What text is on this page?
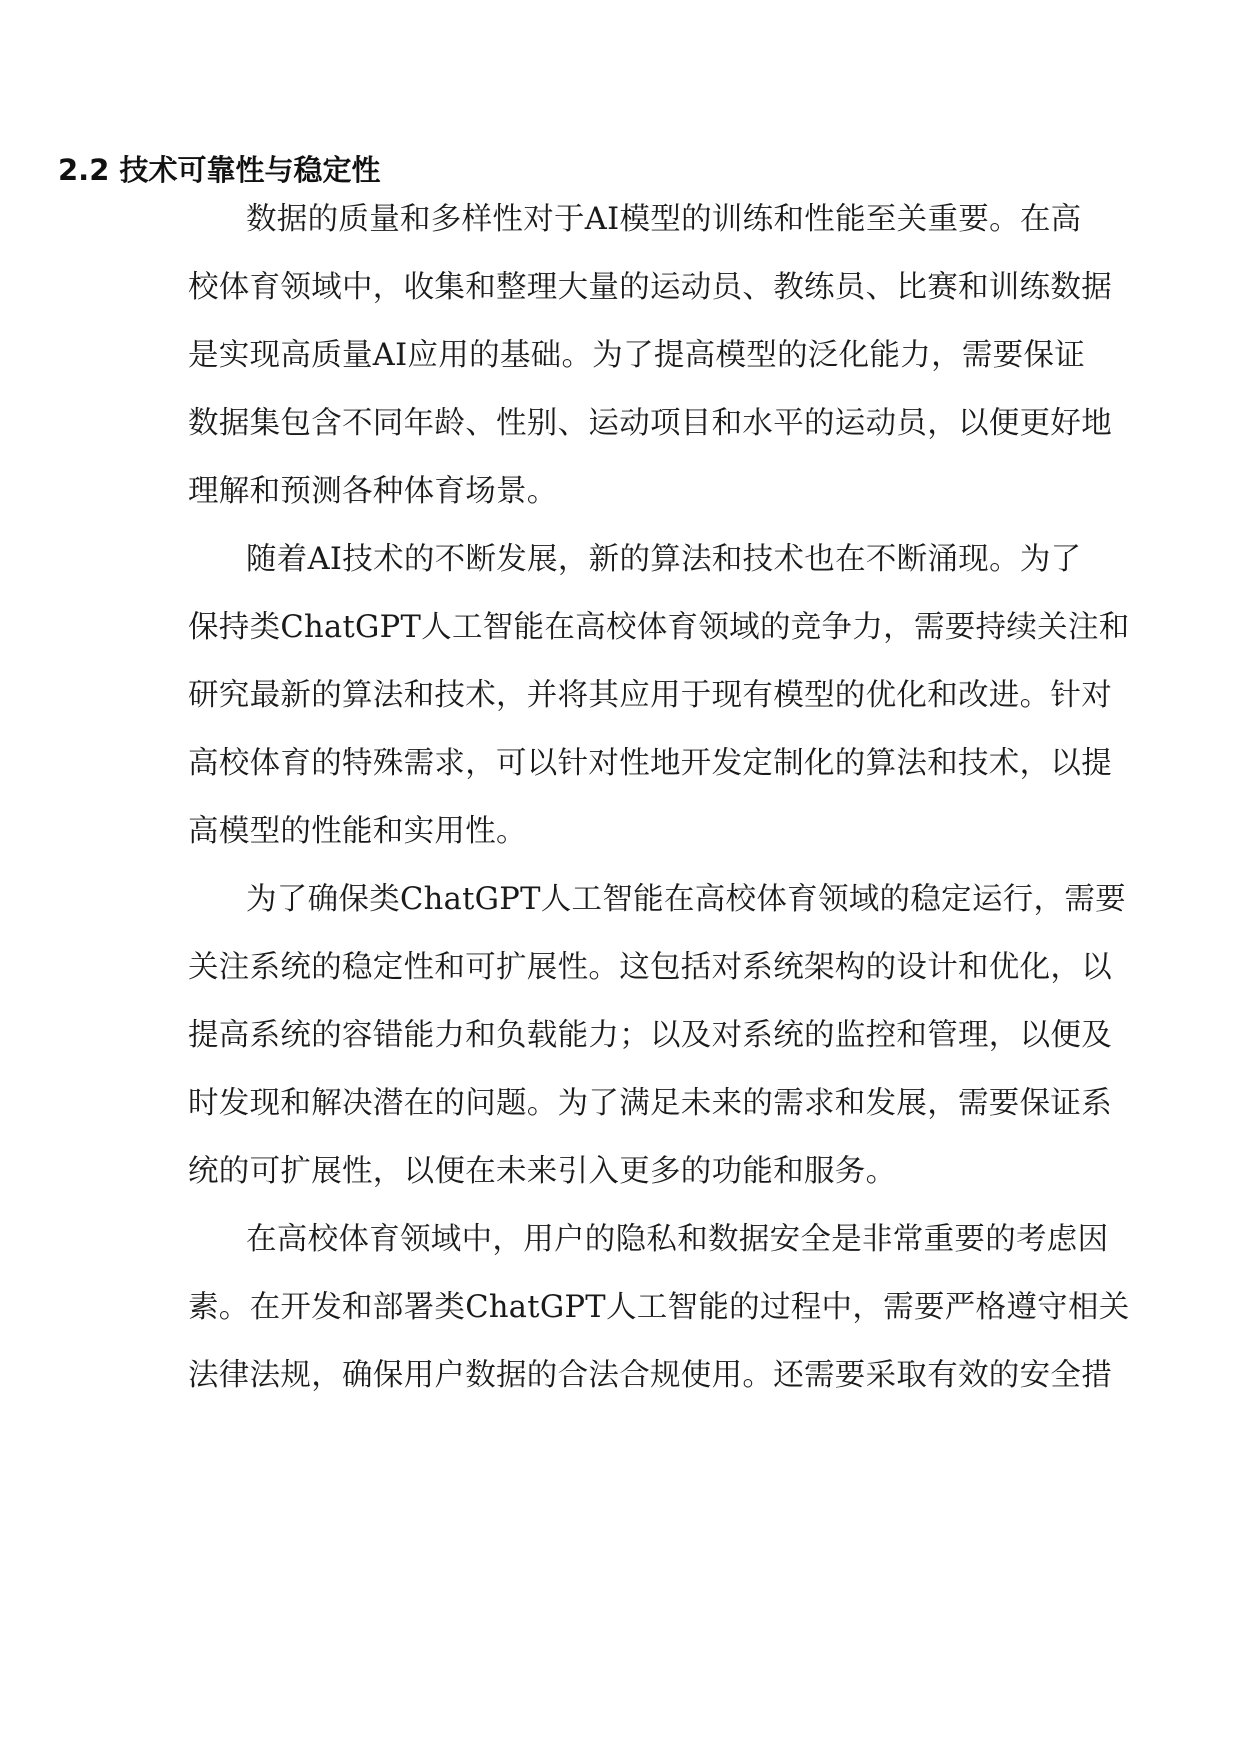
2.2 技术可靠性与稳定性
数据的质量和多样性对于AI模型的训练和性能至关重要。在高
校体育领域中，收集和整理大量的运动员、教练员、比赛和训练数据
是实现高质量AI应用的基础。为了提高模型的泛化能力，需要保证
数据集包含不同年龄、性别、运动项目和水平的运动员，以便更好地
理解和预测各种体育场景。
随着AI技术的不断发展，新的算法和技术也在不断涌现。为了
保持类ChatGPT人工智能在高校体育领域的竞争力，需要持续关注和
研究最新的算法和技术，并将其应用于现有模型的优化和改进。针对
高校体育的特殊需求，可以针对性地开发定制化的算法和技术，以提
高模型的性能和实用性。
为了确保类ChatGPT人工智能在高校体育领域的稳定运行，需要
关注系统的稳定性和可扩展性。这包括对系统架构的设计和优化，以
提高系统的容错能力和负载能力；以及对系统的监控和管理，以便及
时发现和解决潜在的问题。为了满足未来的需求和发展，需要保证系
统的可扩展性，以便在未来引入更多的功能和服务。
在高校体育领域中，用户的隐私和数据安全是非常重要的考虑因
素。在开发和部署类ChatGPT人工智能的过程中，需要严格遵守相关
法律法规，确保用户数据的合法合规使用。还需要采取有效的安全措
